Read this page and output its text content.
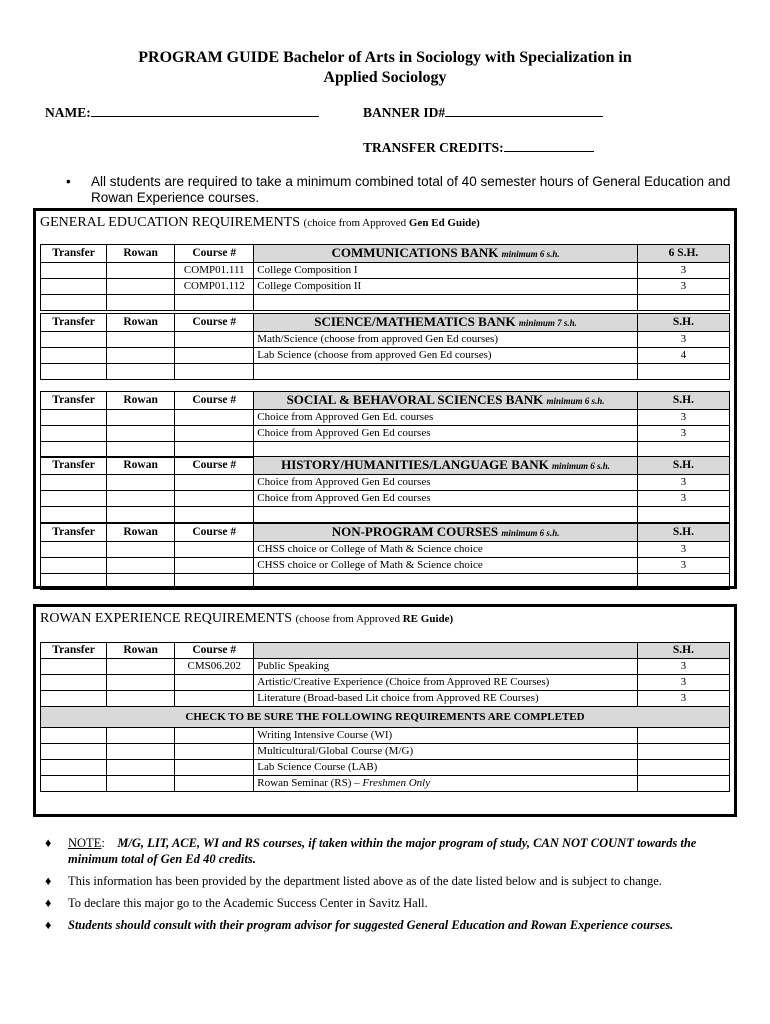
PROGRAM GUIDE Bachelor of Arts in Sociology with Specialization in
Applied Sociology
NAME:	BANNER ID#
TRANSFER CREDITS:
• All students are required to take a minimum combined total of 40 semester hours of General Education and Rowan Experience courses.
GENERAL EDUCATION REQUIREMENTS (choice from Approved Gen Ed Guide)
Transfer	Rowan	Course #	COMMUNICATIONS BANK minimum 6 s.h.	6 S.H.
		COMP01.111	College Composition I	3
		COMP01.112	College Composition II	3

Transfer	Rowan	Course #	SCIENCE/MATHEMATICS BANK minimum 7 s.h.	S.H.
			Math/Science (choose from approved Gen Ed courses)	3
			Lab Science (choose from approved Gen Ed courses)	4

Transfer	Rowan	Course #	SOCIAL & BEHAVORAL SCIENCES BANK minimum 6 s.h.	S.H.
			Choice from Approved Gen Ed. courses	3
			Choice from Approved Gen Ed courses	3

Transfer	Rowan	Course #	HISTORY/HUMANITIES/LANGUAGE BANK minimum 6 s.h.	S.H.
			Choice from Approved Gen Ed courses	3
			Choice from Approved Gen Ed courses	3

Transfer	Rowan	Course #	NON-PROGRAM COURSES minimum 6 s.h.	S.H.
			CHSS choice or College of Math & Science choice	3
			CHSS choice or College of Math & Science choice	3

ROWAN EXPERIENCE REQUIREMENTS (choose from Approved RE Guide)
Transfer	Rowan	Course #		S.H.
		CMS06.202	Public Speaking	3
			Artistic/Creative Experience (Choice from Approved RE Courses)	3
			Literature (Broad-based Lit choice from Approved RE Courses)	3
CHECK TO BE SURE THE FOLLOWING REQUIREMENTS ARE COMPLETED				
			Writing Intensive Course (WI)	
			Multicultural/Global Course (M/G)	
			Lab Science Course (LAB)	
			Rowan Seminar (RS) – Freshmen Only	
♦ NOTE:    M/G, LIT, ACE, WI and RS courses, if taken within the major program of study, CAN NOT COUNT towards the minimum total of Gen Ed 40 credits.
♦ This information has been provided by the department listed above as of the date listed below and is subject to change.
♦ To declare this major go to the Academic Success Center in Savitz Hall.
♦ Students should consult with their program advisor for suggested General Education and Rowan Experience courses.
